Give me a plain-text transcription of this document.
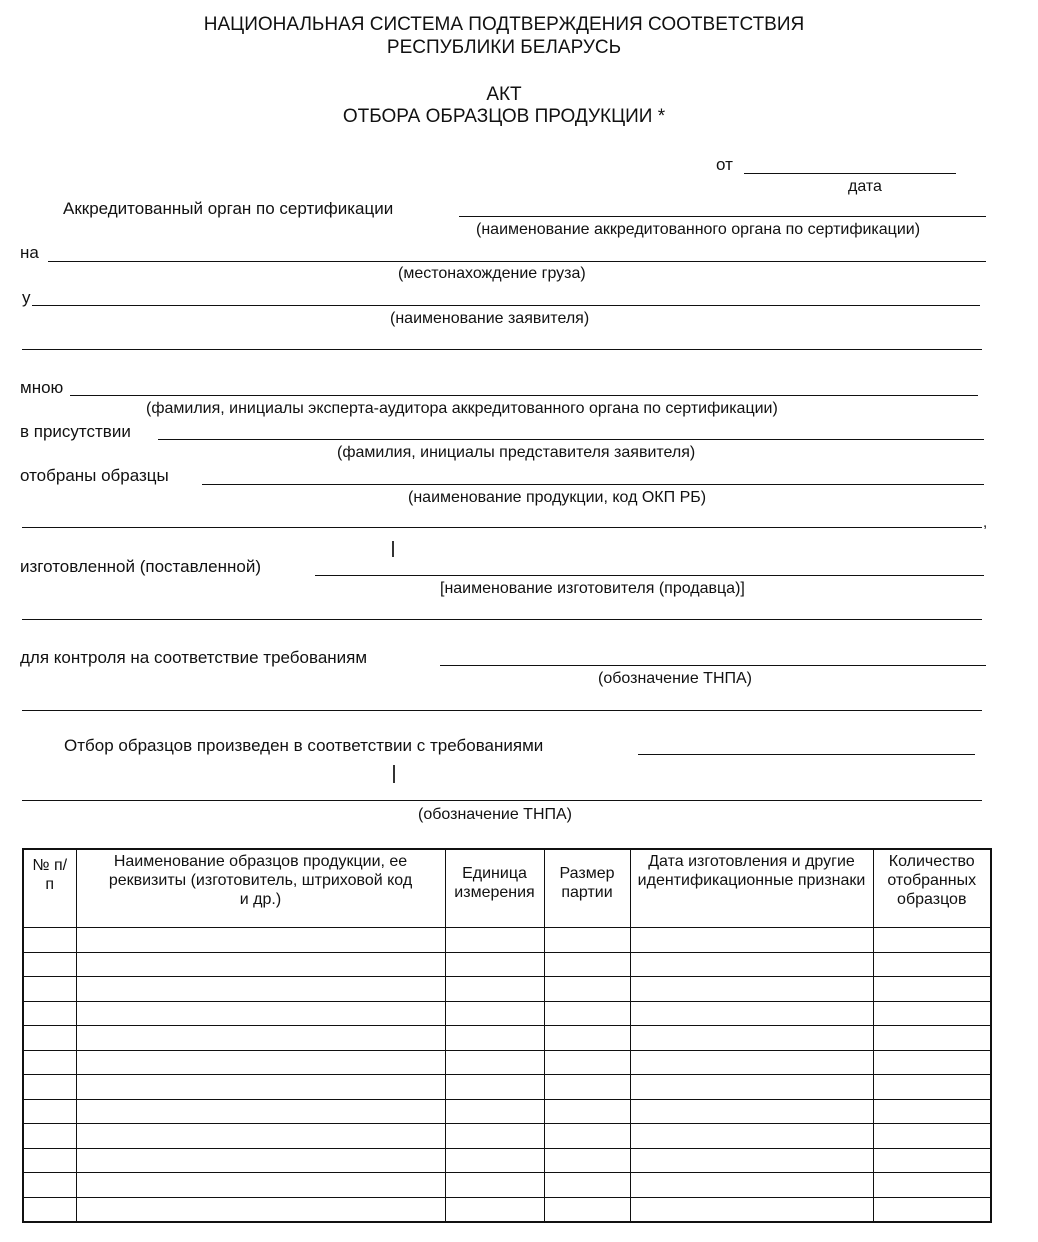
НАЦИОНАЛЬНАЯ СИСТЕМА ПОДТВЕРЖДЕНИЯ СООТВЕТСТВИЯ
РЕСПУБЛИКИ БЕЛАРУСЬ
АКТ
ОТБОРА ОБРАЗЦОВ ПРОДУКЦИИ *
от
дата
Аккредитованный орган по сертификации
(наименование аккредитованного органа по сертификации)
на
(местонахождение груза)
у
(наименование заявителя)
мною
(фамилия, инициалы эксперта-аудитора аккредитованного органа по сертификации)
в присутствии
(фамилия, инициалы представителя заявителя)
отобраны образцы
(наименование продукции, код ОКП РБ)
,
изготовленной (поставленной)
[наименование изготовителя (продавца)]
для контроля на соответствие требованиям
(обозначение ТНПА)
Отбор образцов произведен в соответствии с требованиями
(обозначение ТНПА)
№ п/п	Наименование образцов продукции, ее реквизиты (изготовитель, штриховой код и др.)	Единица измерения	Размер партии	Дата изготовления и другие идентификационные признаки	Количество отобранных образцов
